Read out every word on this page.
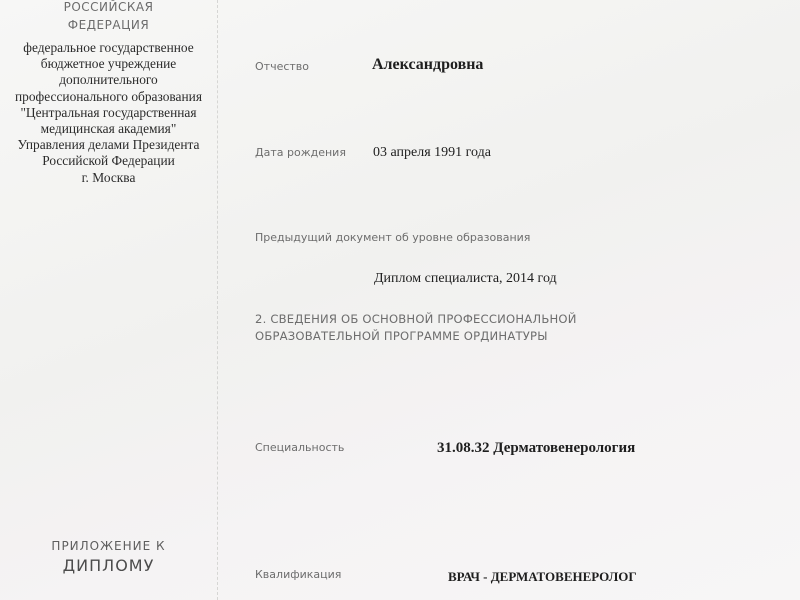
РОССИЙСКАЯ
ФЕДЕРАЦИЯ
федеральное государственное
бюджетное учреждение
дополнительного
профессионального образования
"Центральная государственная
медицинская академия"
Управления делами Президента
Российской Федерации
г. Москва
ПРИЛОЖЕНИЕ К
ДИПЛОМУ
Отчество	Александровна
Дата рождения 03 апреля 1991 года
Предыдущий документ об уровне образования
Диплом специалиста, 2014 год
2. СВЕДЕНИЯ ОБ ОСНОВНОЙ ПРОФЕССИОНАЛЬНОЙ
ОБРАЗОВАТЕЛЬНОЙ ПРОГРАММЕ ОРДИНАТУРЫ
Специальность	31.08.32 Дерматовенерология
Квалификация	ВРАЧ - ДЕРМАТОВЕНЕРОЛОГ
